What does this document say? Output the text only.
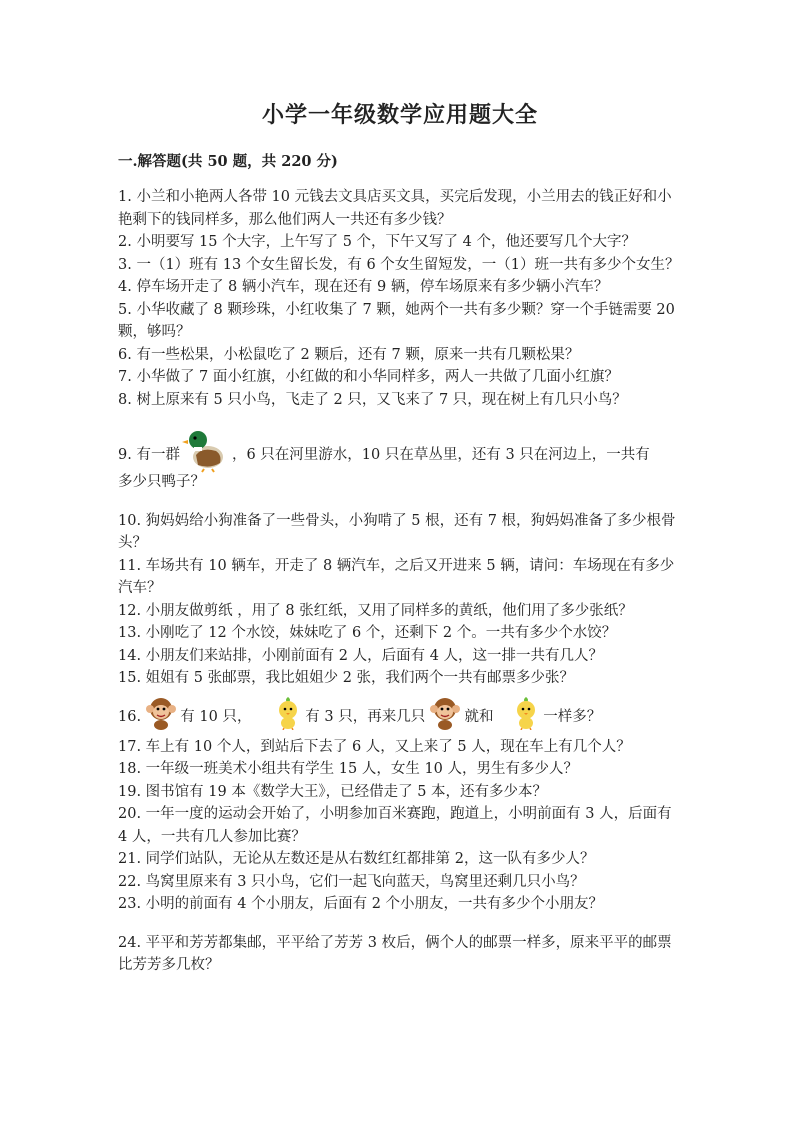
小学一年级数学应用题大全
一.解答题(共 50 题，共 220 分)

1. 小兰和小艳两人各带 10 元钱去文具店买文具，买完后发现，小兰用去的钱正好和小艳剩下的钱同样多，那么他们两人一共还有多少钱？

2. 小明要写 15 个大字，上午写了 5 个，下午又写了 4 个，他还要写几个大字？

3. 一（1）班有 13 个女生留长发，有 6 个女生留短发，一（1）班一共有多少个女生？

4. 停车场开走了 8 辆小汽车，现在还有 9 辆，停车场原来有多少辆小汽车？

5. 小华收藏了 8 颗珍珠，小红收集了 7 颗，她两个一共有多少颗？穿一个手链需要 20 颗，够吗？

6. 有一些松果，小松鼠吃了 2 颗后，还有 7 颗，原来一共有几颗松果？

7. 小华做了 7 面小红旗，小红做的和小华同样多，两人一共做了几面小红旗？

8. 树上原来有 5 只小鸟，飞走了 2 只，又飞来了 7 只，现在树上有几只小鸟？

9. 有一群	，6 只在河里游水，10 只在草丛里，还有 3 只在河边上，一共有

多少只鸭子？

10. 狗妈妈给小狗准备了一些骨头，小狗啃了 5 根，还有 7 根，狗妈妈准备了多少根骨头？

11. 车场共有 10 辆车，开走了 8 辆汽车，之后又开进来 5 辆，请问：车场现在有多少汽车？

12. 小朋友做剪纸 ，用了 8 张红纸，又用了同样多的黄纸，他们用了多少张纸？

13. 小刚吃了 12 个水饺，妹妹吃了 6 个，还剩下 2 个。一共有多少个水饺？

14. 小朋友们来站排，小刚前面有 2 人，后面有 4 人，这一排一共有几人？

15. 姐姐有 5 张邮票，我比姐姐少 2 张，我们两个一共有邮票多少张？

16.	有 10 只，	有 3 只，再来几只	就和	一样多？

17. 车上有 10 个人，到站后下去了 6 人，又上来了 5 人，现在车上有几个人？

18. 一年级一班美术小组共有学生 15 人，女生 10 人，男生有多少人？

19. 图书馆有 19 本《数学大王》，已经借走了 5 本，还有多少本？

20. 一年一度的运动会开始了，小明参加百米赛跑，跑道上，小明前面有 3 人，后面有 4 人，一共有几人参加比赛？

21. 同学们站队，无论从左数还是从右数红红都排第 2，这一队有多少人？

22. 鸟窝里原来有 3 只小鸟，它们一起飞向蓝天，鸟窝里还剩几只小鸟？

23. 小明的前面有 4 个小朋友，后面有 2 个小朋友，一共有多少个小朋友？

24. 平平和芳芳都集邮，平平给了芳芳 3 枚后，俩个人的邮票一样多，原来平平的邮票比芳芳多几枚？
